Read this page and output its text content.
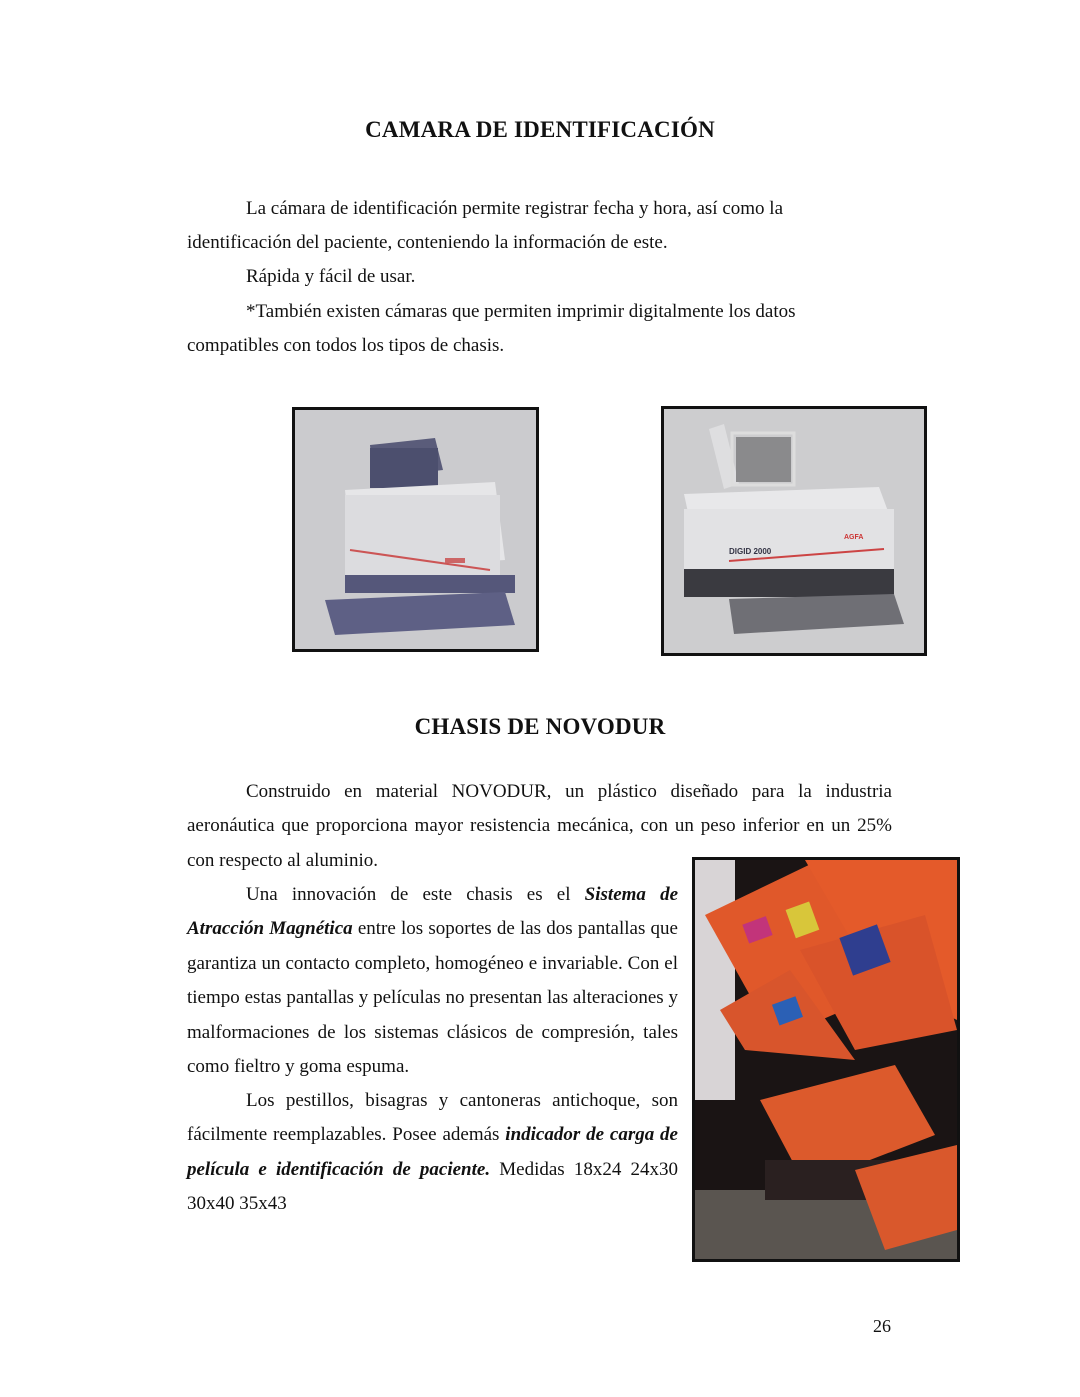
CAMARA DE IDENTIFICACIÓN

La cámara de identificación permite registrar fecha y hora, así como la identificación del paciente, conteniendo la información de este.

Rápida y fácil de usar.

*También existen cámaras que permiten imprimir digitalmente los datos compatibles con todos los tipos de chasis.

DIGID 2000
AGFA
CHASIS DE NOVODUR

Construido en material NOVODUR, un plástico diseñado para la industria aeronáutica que proporciona mayor resistencia mecánica, con un peso inferior en un 25% con respecto al aluminio.

Una innovación de este chasis es el Sistema de Atracción Magnética entre los soportes de las dos pantallas que garantiza un contacto completo, homogéneo e invariable. Con el tiempo estas pantallas y películas no presentan las alteraciones y malformaciones de los sistemas clásicos de compresión, tales como fieltro y goma espuma.

Los pestillos, bisagras y cantoneras antichoque, son fácilmente reemplazables. Posee además indicador de carga de película e identificación de paciente. Medidas 18x24 24x30 30x40 35x43

26
